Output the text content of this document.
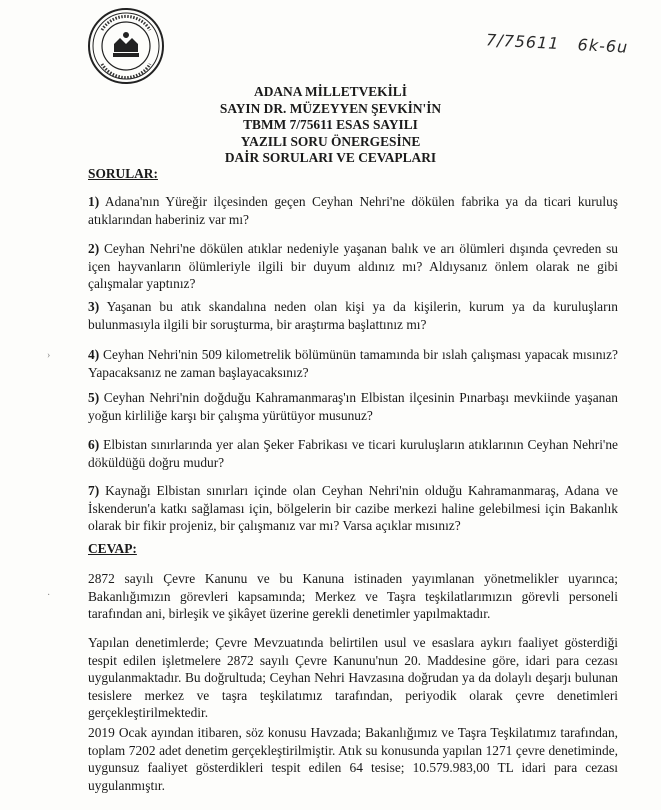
7/75611 6k-6u
ADANA MİLLETVEKİLİ
SAYIN DR. MÜZEYYEN ŞEVKİN'İN
TBMM 7/75611 ESAS SAYILI
YAZILI SORU ÖNERGESİNE
DAİR SORULARI VE CEVAPLARI
SORULAR:
1) Adana'nın Yüreğir ilçesinden geçen Ceyhan Nehri'ne dökülen fabrika ya da ticari kuruluş atıklarından haberiniz var mı?
2) Ceyhan Nehri'ne dökülen atıklar nedeniyle yaşanan balık ve arı ölümleri dışında çevreden su içen hayvanların ölümleriyle ilgili bir duyum aldınız mı? Aldıysanız önlem olarak ne gibi çalışmalar yaptınız?
3) Yaşanan bu atık skandalına neden olan kişi ya da kişilerin, kurum ya da kuruluşların bulunmasıyla ilgili bir soruşturma, bir araştırma başlattınız mı?
4) Ceyhan Nehri'nin 509 kilometrelik bölümünün tamamında bir ıslah çalışması yapacak mısınız? Yapacaksanız ne zaman başlayacaksınız?
5) Ceyhan Nehri'nin doğduğu Kahramanmaraş'ın Elbistan ilçesinin Pınarbaşı mevkiinde yaşanan yoğun kirliliğe karşı bir çalışma yürütüyor musunuz?
6) Elbistan sınırlarında yer alan Şeker Fabrikası ve ticari kuruluşların atıklarının Ceyhan Nehri'ne döküldüğü doğru mudur?
7) Kaynağı Elbistan sınırları içinde olan Ceyhan Nehri'nin olduğu Kahramanmaraş, Adana ve İskenderun'a katkı sağlaması için, bölgelerin bir cazibe merkezi haline gelebilmesi için Bakanlık olarak bir fikir projeniz, bir çalışmanız var mı? Varsa açıklar mısınız?
CEVAP:
2872 sayılı Çevre Kanunu ve bu Kanuna istinaden yayımlanan yönetmelikler uyarınca; Bakanlığımızın görevleri kapsamında; Merkez ve Taşra teşkilatlarımızın görevli personeli tarafından ani, birleşik ve şikâyet üzerine gerekli denetimler yapılmaktadır.
Yapılan denetimlerde; Çevre Mevzuatında belirtilen usul ve esaslara aykırı faaliyet gösterdiği tespit edilen işletmelere 2872 sayılı Çevre Kanunu'nun 20. Maddesine göre, idari para cezası uygulanmaktadır. Bu doğrultuda; Ceyhan Nehri Havzasına doğrudan ya da dolaylı deşarjı bulunan tesislere merkez ve taşra teşkilatımız tarafından, periyodik olarak çevre denetimleri gerçekleştirilmektedir.
2019 Ocak ayından itibaren, söz konusu Havzada; Bakanlığımız ve Taşra Teşkilatımız tarafından, toplam 7202 adet denetim gerçekleştirilmiştir. Atık su konusunda yapılan 1271 çevre denetiminde, uygunsuz faaliyet gösterdikleri tespit edilen 64 tesise; 10.579.983,00 TL idari para cezası uygulanmıştır.
›
·
